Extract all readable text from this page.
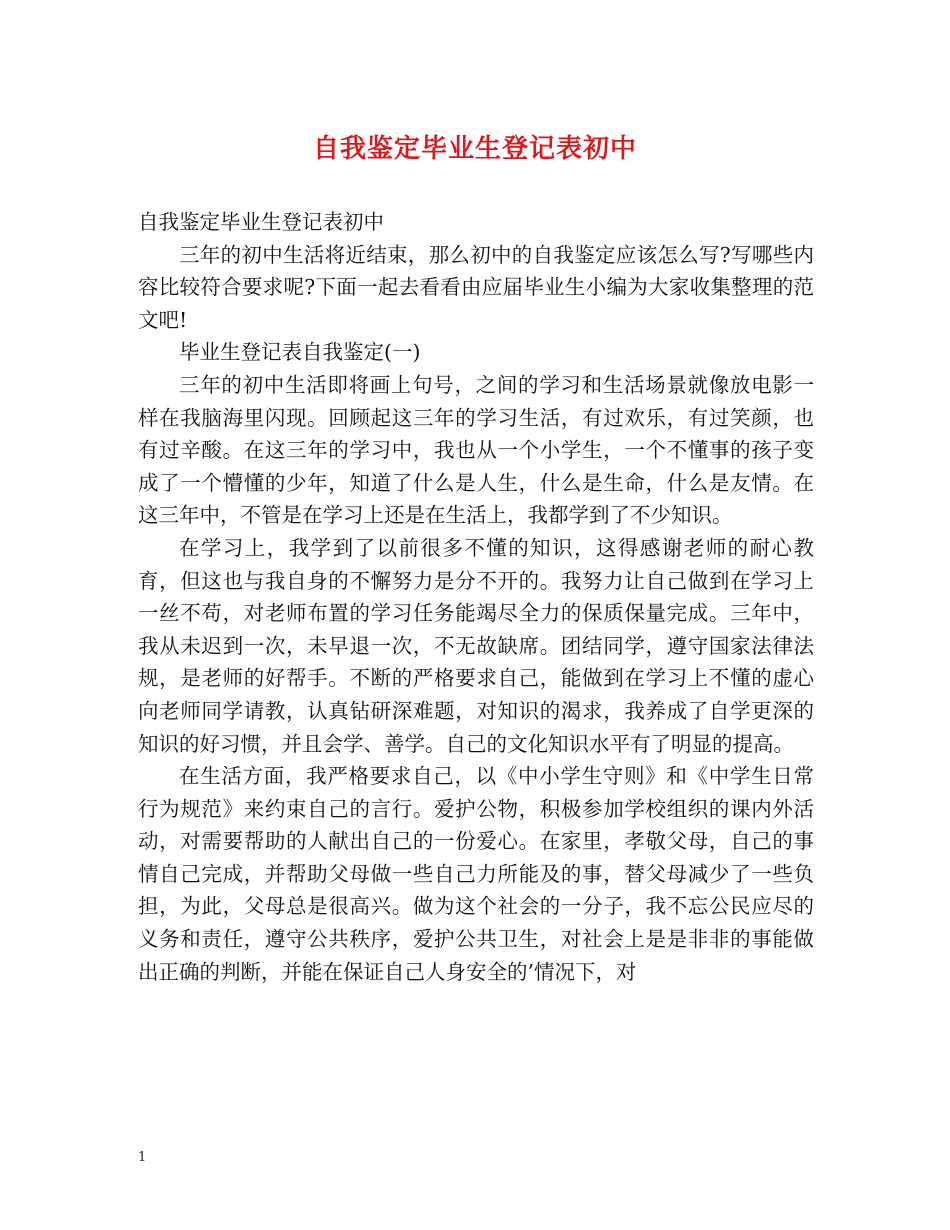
自我鉴定毕业生登记表初中

自我鉴定毕业生登记表初中

三年的初中生活将近结束，那么初中的自我鉴定应该怎么写?写哪些内容比较符合要求呢?下面一起去看看由应届毕业生小编为大家收集整理的范文吧!

毕业生登记表自我鉴定(一)

三年的初中生活即将画上句号，之间的学习和生活场景就像放电影一样在我脑海里闪现。回顾起这三年的学习生活，有过欢乐，有过笑颜，也有过辛酸。在这三年的学习中，我也从一个小学生，一个不懂事的孩子变成了一个懵懂的少年，知道了什么是人生，什么是生命，什么是友情。在这三年中，不管是在学习上还是在生活上，我都学到了不少知识。

在学习上，我学到了以前很多不懂的知识，这得感谢老师的耐心教育，但这也与我自身的不懈努力是分不开的。我努力让自己做到在学习上一丝不苟，对老师布置的学习任务能竭尽全力的保质保量完成。三年中，我从未迟到一次，未早退一次，不无故缺席。团结同学，遵守国家法律法规，是老师的好帮手。不断的严格要求自己，能做到在学习上不懂的虚心向老师同学请教，认真钻研深难题，对知识的渴求，我养成了自学更深的知识的好习惯，并且会学、善学。自己的文化知识水平有了明显的提高。

在生活方面，我严格要求自己，以《中小学生守则》和《中学生日常行为规范》来约束自己的言行。爱护公物，积极参加学校组织的课内外活动，对需要帮助的人献出自己的一份爱心。在家里，孝敬父母，自己的事情自己完成，并帮助父母做一些自己力所能及的事，替父母减少了一些负担，为此，父母总是很高兴。做为这个社会的一分子，我不忘公民应尽的义务和责任，遵守公共秩序，爱护公共卫生，对社会上是是非非的事能做出正确的判断，并能在保证自己人身安全的’情况下，对

1
